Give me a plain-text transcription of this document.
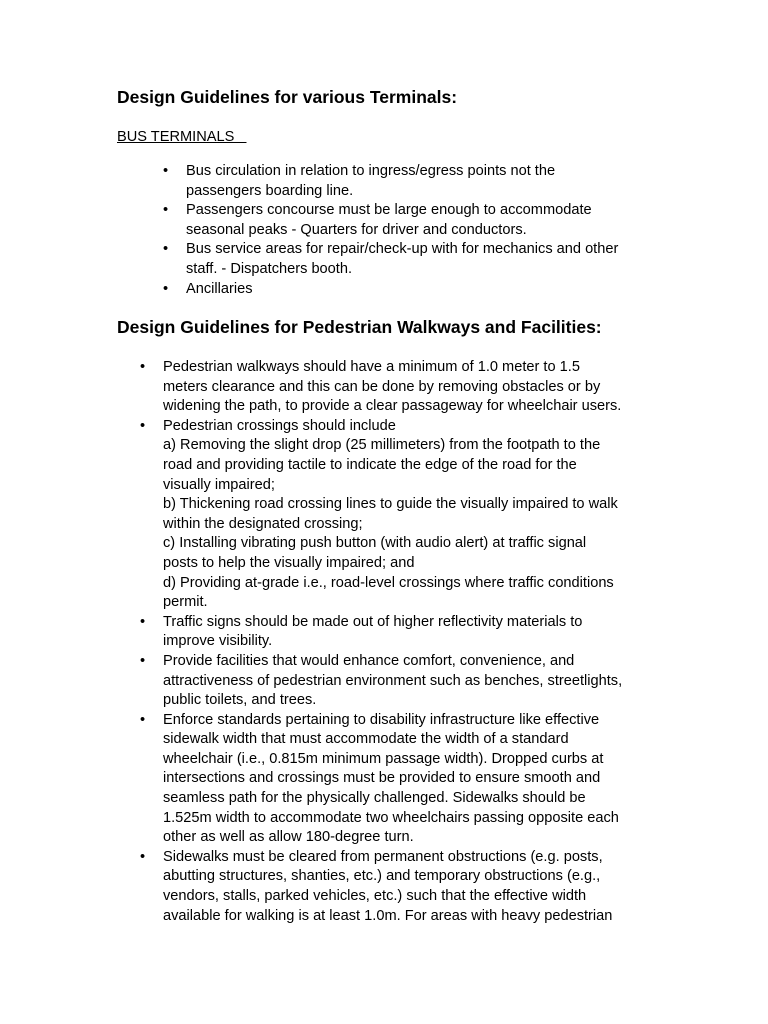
Design Guidelines for various Terminals:
BUS TERMINALS
• Bus circulation in relation to ingress/egress points not the
passengers boarding line.
• Passengers concourse must be large enough to accommodate
seasonal peaks - Quarters for driver and conductors.
• Bus service areas for repair/check-up with for mechanics and other
staff. - Dispatchers booth.
• Ancillaries
Design Guidelines for Pedestrian Walkways and Facilities:
• Pedestrian walkways should have a minimum of 1.0 meter to 1.5
meters clearance and this can be done by removing obstacles or by
widening the path, to provide a clear passageway for wheelchair users.
• Pedestrian crossings should include
a) Removing the slight drop (25 millimeters) from the footpath to the
road and providing tactile to indicate the edge of the road for the
visually impaired;
b) Thickening road crossing lines to guide the visually impaired to walk
within the designated crossing;
c) Installing vibrating push button (with audio alert) at traffic signal
posts to help the visually impaired; and
d) Providing at-grade i.e., road-level crossings where traffic conditions
permit.
• Traffic signs should be made out of higher reflectivity materials to
improve visibility.
• Provide facilities that would enhance comfort, convenience, and
attractiveness of pedestrian environment such as benches, streetlights,
public toilets, and trees.
• Enforce standards pertaining to disability infrastructure like effective
sidewalk width that must accommodate the width of a standard
wheelchair (i.e., 0.815m minimum passage width). Dropped curbs at
intersections and crossings must be provided to ensure smooth and
seamless path for the physically challenged. Sidewalks should be
1.525m width to accommodate two wheelchairs passing opposite each
other as well as allow 180-degree turn.
• Sidewalks must be cleared from permanent obstructions (e.g. posts,
abutting structures, shanties, etc.) and temporary obstructions (e.g.,
vendors, stalls, parked vehicles, etc.) such that the effective width
available for walking is at least 1.0m. For areas with heavy pedestrian
